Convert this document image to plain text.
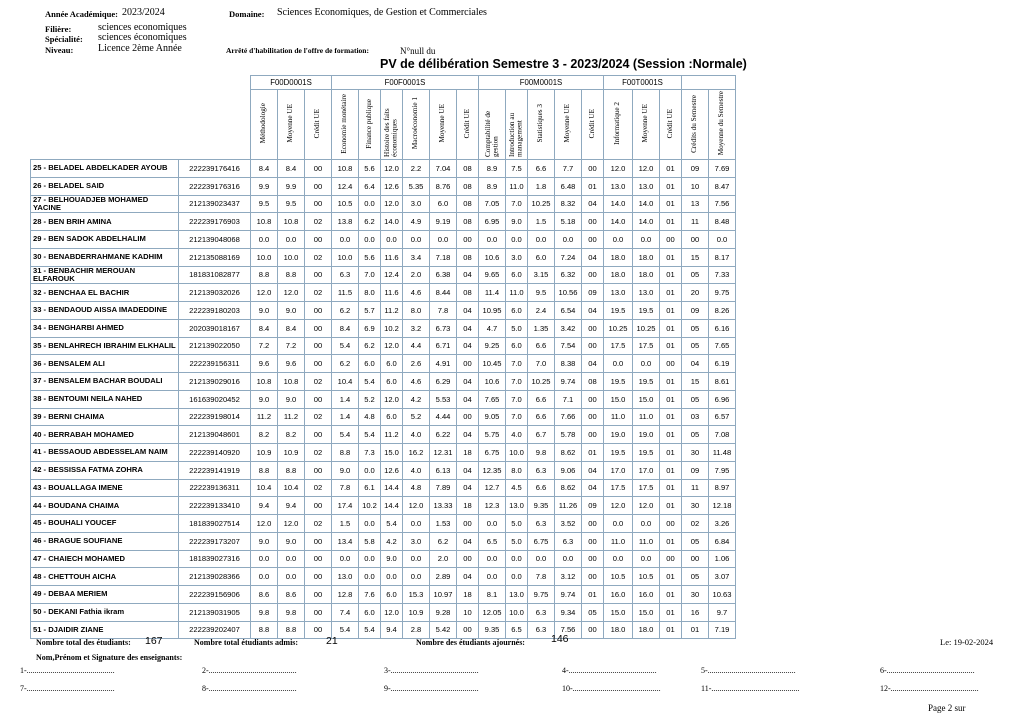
Année Académique: 2023/2024	Domaine: Sciences Economiques, de Gestion et Commerciales
Filière:	sciences economiques
Spécialité: sciences économiques
Niveau: Licence 2ème Année	Arrêté d'habilitation de l'offre de formation:	N°null du
PV de délibération Semestre 3 - 2023/2024 (Session :Normale)
		F00D0001S			F00F0001S						F00M0001S					F00T0001S				
		Méthodologie	Moyenne UE	Crédit UE	Economie monétaire	Finance publique	Histoire des faits économiques	Macroéconomie 1	Moyenne UE	Crédit UE	Comptabilité de gestion	Introduction au management	Statistiques 3	Moyenne UE	Crédit UE	Informatique 2	Moyenne UE	Crédit UE	Crédits du Semestre	Moyenne du Semestre
25 - BELADEL ABDELKADER AYOUB	222239176416	8.4	8.4	00	10.8	5.6	12.0	2.2	7.04	08	8.9	7.5	6.6	7.7	00	12.0	12.0	01	09	7.69
26 - BELADEL SAID	222239176316	9.9	9.9	00	12.4	6.4	12.6	5.35	8.76	08	8.9	11.0	1.8	6.48	01	13.0	13.0	01	10	8.47
27 - BELHOUADJEB MOHAMED YACINE	212139023437	9.5	9.5	00	10.5	0.0	12.0	3.0	6.0	08	7.05	7.0	10.25	8.32	04	14.0	14.0	01	13	7.56
28 - BEN BRIH AMINA	222239176903	10.8	10.8	02	13.8	6.2	14.0	4.9	9.19	08	6.95	9.0	1.5	5.18	00	14.0	14.0	01	11	8.48
29 - BEN SADOK ABDELHALIM	212139048068	0.0	0.0	00	0.0	0.0	0.0	0.0	0.0	00	0.0	0.0	0.0	0.0	00	0.0	0.0	00	00	0.0
30 - BENABDERRAHMANE KADHIM	212135088169	10.0	10.0	02	10.0	5.6	11.6	3.4	7.18	08	10.6	3.0	6.0	7.24	04	18.0	18.0	01	15	8.17
31 - BENBACHIR MEROUAN ELFAROUK	181831082877	8.8	8.8	00	6.3	7.0	12.4	2.0	6.38	04	9.65	6.0	3.15	6.32	00	18.0	18.0	01	05	7.33
32 - BENCHAA EL BACHIR	212139032026	12.0	12.0	02	11.5	8.0	11.6	4.6	8.44	08	11.4	11.0	9.5	10.56	09	13.0	13.0	01	20	9.75
33 - BENDAOUD AISSA IMADEDDINE	222239180203	9.0	9.0	00	6.2	5.7	11.2	8.0	7.8	04	10.95	6.0	2.4	6.54	04	19.5	19.5	01	09	8.26
34 - BENGHARBI AHMED	202039018167	8.4	8.4	00	8.4	6.9	10.2	3.2	6.73	04	4.7	5.0	1.35	3.42	00	10.25	10.25	01	05	6.16
35 - BENLAHRECH IBRAHIM ELKHALIL	212139022050	7.2	7.2	00	5.4	6.2	12.0	4.4	6.71	04	9.25	6.0	6.6	7.54	00	17.5	17.5	01	05	7.65
36 - BENSALEM ALI	222239156311	9.6	9.6	00	6.2	6.0	6.0	2.6	4.91	00	10.45	7.0	7.0	8.38	04	0.0	0.0	00	04	6.19
37 - BENSALEM BACHAR BOUDALI	212139029016	10.8	10.8	02	10.4	5.4	6.0	4.6	6.29	04	10.6	7.0	10.25	9.74	08	19.5	19.5	01	15	8.61
38 - BENTOUMI NEILA NAHED	161639020452	9.0	9.0	00	1.4	5.2	12.0	4.2	5.53	04	7.65	7.0	6.6	7.1	00	15.0	15.0	01	05	6.96
39 - BERNI CHAIMA	222239198014	11.2	11.2	02	1.4	4.8	6.0	5.2	4.44	00	9.05	7.0	6.6	7.66	00	11.0	11.0	01	03	6.57
40 - BERRABAH MOHAMED	212139048601	8.2	8.2	00	5.4	5.4	11.2	4.0	6.22	04	5.75	4.0	6.7	5.78	00	19.0	19.0	01	05	7.08
41 - BESSAOUD ABDESSELAM NAIM	222239140920	10.9	10.9	02	8.8	7.3	15.0	16.2	12.31	18	6.75	10.0	9.8	8.62	01	19.5	19.5	01	30	11.48
42 - BESSISSA FATMA ZOHRA	222239141919	8.8	8.8	00	9.0	0.0	12.6	4.0	6.13	04	12.35	8.0	6.3	9.06	04	17.0	17.0	01	09	7.95
43 - BOUALLAGA IMENE	222239136311	10.4	10.4	02	7.8	6.1	14.4	4.8	7.89	04	12.7	4.5	6.6	8.62	04	17.5	17.5	01	11	8.97
44 - BOUDANA CHAIMA	222239133410	9.4	9.4	00	17.4	10.2	14.4	12.0	13.33	18	12.3	13.0	9.35	11.26	09	12.0	12.0	01	30	12.18
45 - BOUHALI YOUCEF	181839027514	12.0	12.0	02	1.5	0.0	5.4	0.0	1.53	00	0.0	5.0	6.3	3.52	00	0.0	0.0	00	02	3.26
46 - BRAGUE SOUFIANE	222239173207	9.0	9.0	00	13.4	5.8	4.2	3.0	6.2	04	6.5	5.0	6.75	6.3	00	11.0	11.0	01	05	6.84
47 - CHAIECH MOHAMED	181839027316	0.0	0.0	00	0.0	0.0	9.0	0.0	2.0	00	0.0	0.0	0.0	0.0	00	0.0	0.0	00	00	1.06
48 - CHETTOUH AICHA	212139028366	0.0	0.0	00	13.0	0.0	0.0	0.0	2.89	04	0.0	0.0	7.8	3.12	00	10.5	10.5	01	05	3.07
49 - DEBAA MERIEM	222239156906	8.6	8.6	00	12.8	7.6	6.0	15.3	10.97	18	8.1	13.0	9.75	9.74	01	16.0	16.0	01	30	10.63
50 - DEKANI Fathia ikram	212139031905	9.8	9.8	00	7.4	6.0	12.0	10.9	9.28	10	12.05	10.0	6.3	9.34	05	15.0	15.0	01	16	9.7
51 - DJAIDIR ZIANE	222239202407	8.8	8.8	00	5.4	5.4	9.4	2.8	5.42	00	9.35	6.5	6.3	7.56	00	18.0	18.0	01	01	7.19
Nombre total des étudiants: 167	Nombre total étudiants admis:	21	Nombre des étudiants ajournés: 146	Le: 19-02-2024
Nom,Prénom et Signature des enseignants:
1-............................................	2-............................................	3-............................................	4-............................................	5-............................................	6-............................................
7-............................................	8-............................................	9-............................................	10-............................................	11-............................................	12-............................................
Page 2 sur
